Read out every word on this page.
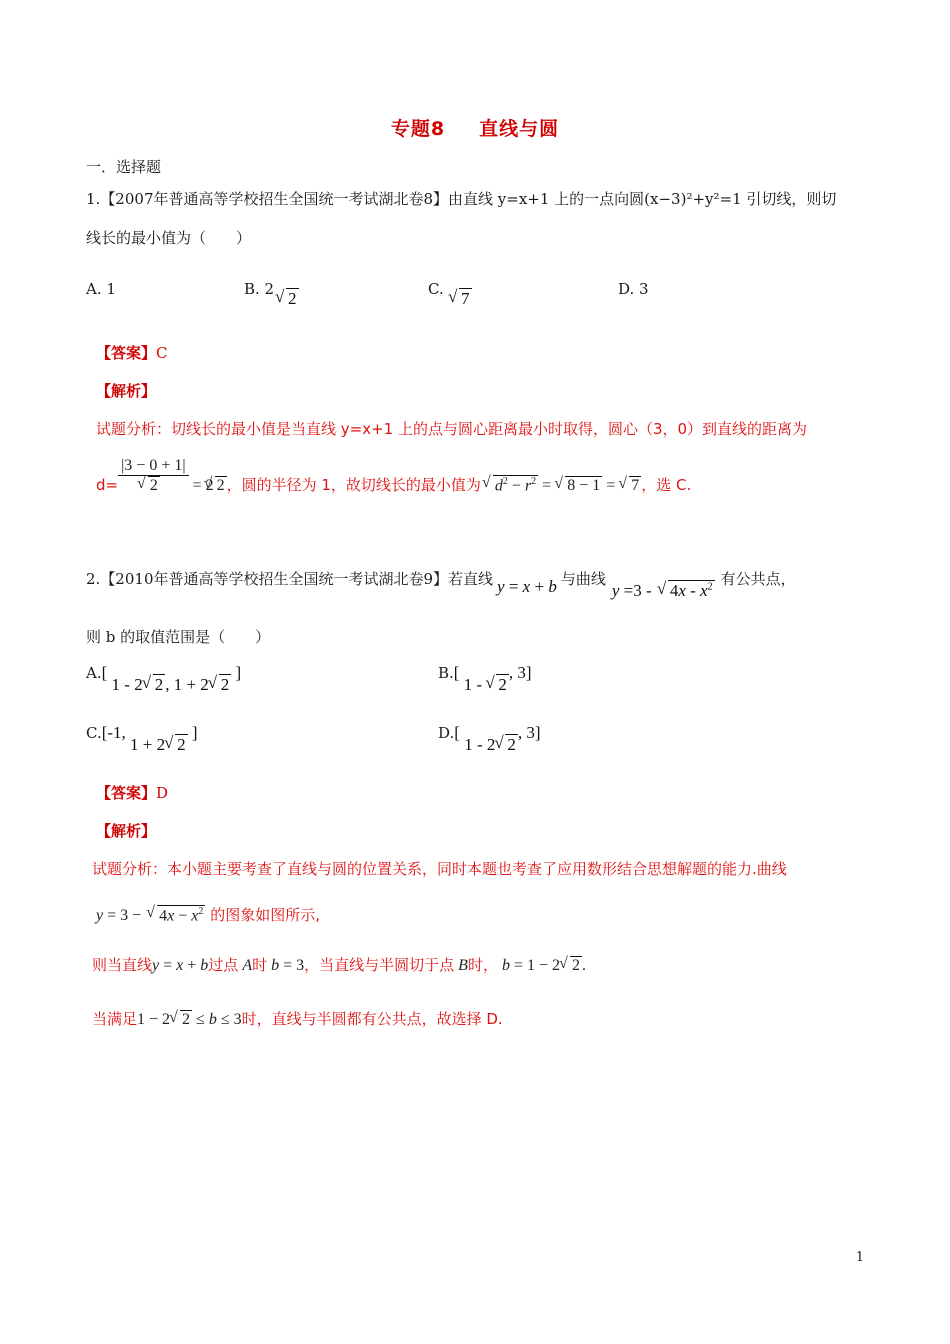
专题8 直线与圆
一．选择题
1.【2007年普通高等学校招生全国统一考试湖北卷8】由直线 y=x+1 上的一点向圆(x−3)²+y²=1 引切线，则切
线长的最小值为（　　）
A. 1	B. 2 √ 2	C. √ 7	D. 3
【答案】C
【解析】
试题分析：切线长的最小值是当直线 y=x+1 上的点与圆心距离最小时取得，圆心（3，0）到直线的距离为
d= |3 − 0 + 1|
√ 2 = 2 √ 2 ，圆的半径为 1，故切线长的最小值为 √ $d^2 - r^2$ = √ 8 − 1 = √ 7 ，选 C.
2.【2010年普通高等学校招生全国统一考试湖北卷9】若直线 y = x + b 与曲线y =3 - √ $4x - x^2$ 有公共点，
则 b 的取值范围是（　　）
A.[ 1 - 2 √ 2 , 1 + 2 √ 2 ]	B.[ 1 - √ 2, 3]
C.[-1, 1 + 2 √ 2 ]	D.[ 1 - 2 √ 2, 3]
【答案】D
【解析】
试题分析：本小题主要考查了直线与圆的位置关系，同时本题也考查了应用数形结合思想解题的能力.曲线
y = 3 − √ $4x - x^2$ 的图象如图所示,
则当直线y = x + b过点 A时 b = 3，当直线与半圆切于点 B时， b = 1 − 2 √ 2 .
当满足1 − 2 √ 2 ≤ b ≤ 3时，直线与半圆都有公共点，故选择 D.
1
